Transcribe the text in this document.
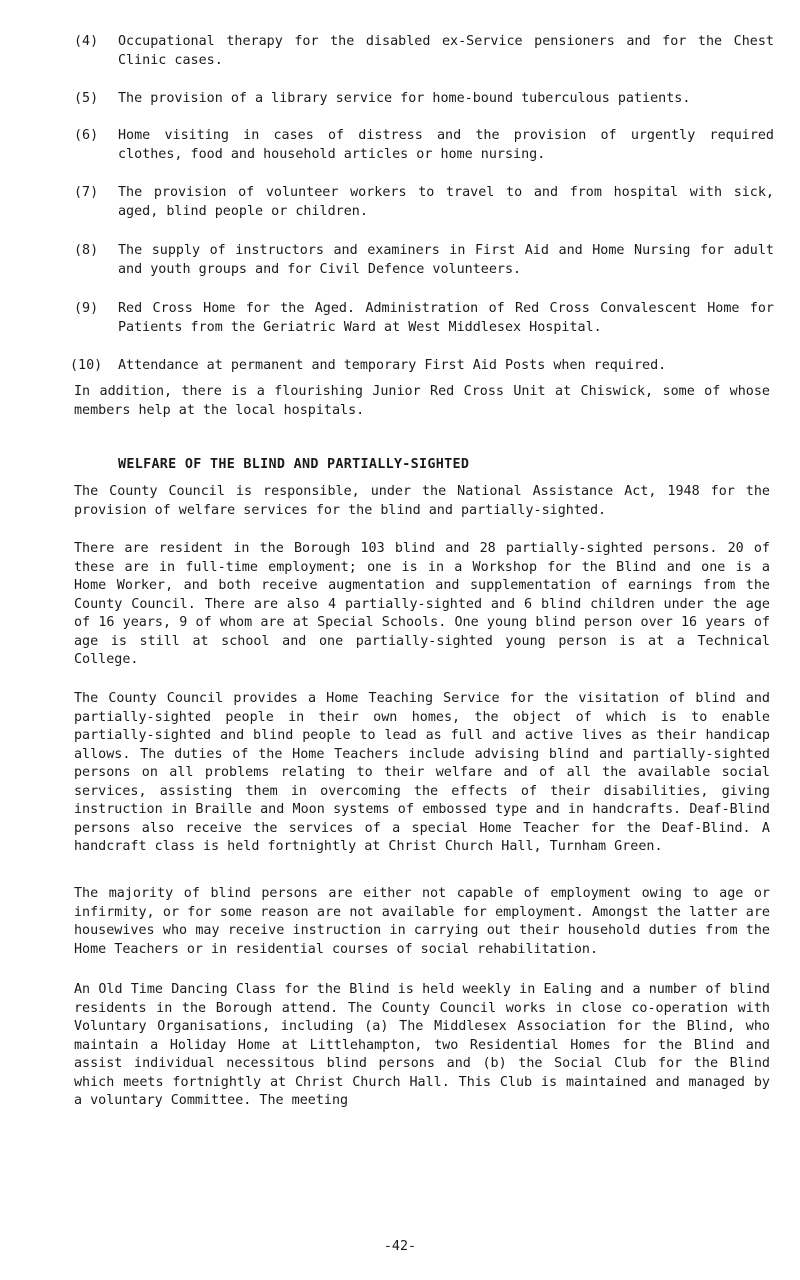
(4)	Occupational therapy for the disabled ex-Service pensioners and for the Chest Clinic cases.
(5)	The provision of a library service for home-bound tuberculous patients.
(6)	Home visiting in cases of distress and the provision of urgently required clothes, food and household articles or home nursing.
(7)	The provision of volunteer workers to travel to and from hospital with sick, aged, blind people or children.
(8)	The supply of instructors and examiners in First Aid and Home Nursing for adult and youth groups and for Civil Defence volunteers.
(9)	Red Cross Home for the Aged. Administration of Red Cross Convalescent Home for Patients from the Geriatric Ward at West Middlesex Hospital.
(10)	Attendance at permanent and temporary First Aid Posts when required.

In addition, there is a flourishing Junior Red Cross Unit at Chiswick, some of whose members help at the local hospitals.

WELFARE OF THE BLIND AND PARTIALLY-SIGHTED

The County Council is responsible, under the National Assistance Act, 1948 for the provision of welfare services for the blind and partially-sighted.

There are resident in the Borough 103 blind and 28 partially-sighted persons. 20 of these are in full-time employment; one is in a Workshop for the Blind and one is a Home Worker, and both receive augmentation and supplementation of earnings from the County Council. There are also 4 partially-sighted and 6 blind children under the age of 16 years, 9 of whom are at Special Schools. One young blind person over 16 years of age is still at school and one partially-sighted young person is at a Technical College.

The County Council provides a Home Teaching Service for the visitation of blind and partially-sighted people in their own homes, the object of which is to enable partially-sighted and blind people to lead as full and active lives as their handicap allows. The duties of the Home Teachers include advising blind and partially-sighted persons on all problems relating to their welfare and of all the available social services, assisting them in overcoming the effects of their disabilities, giving instruction in Braille and Moon systems of embossed type and in handcrafts. Deaf-Blind persons also receive the services of a special Home Teacher for the Deaf-Blind. A handcraft class is held fortnightly at Christ Church Hall, Turnham Green.

The majority of blind persons are either not capable of employment owing to age or infirmity, or for some reason are not available for employment. Amongst the latter are housewives who may receive instruction in carrying out their household duties from the Home Teachers or in residential courses of social rehabilitation.

An Old Time Dancing Class for the Blind is held weekly in Ealing and a number of blind residents in the Borough attend. The County Council works in close co-operation with Voluntary Organisations, including (a) The Middlesex Association for the Blind, who maintain a Holiday Home at Littlehampton, two Residential Homes for the Blind and assist individual necessitous blind persons and (b) the Social Club for the Blind which meets fortnightly at Christ Church Hall. This Club is maintained and managed by a voluntary Committee. The meeting

-42-
